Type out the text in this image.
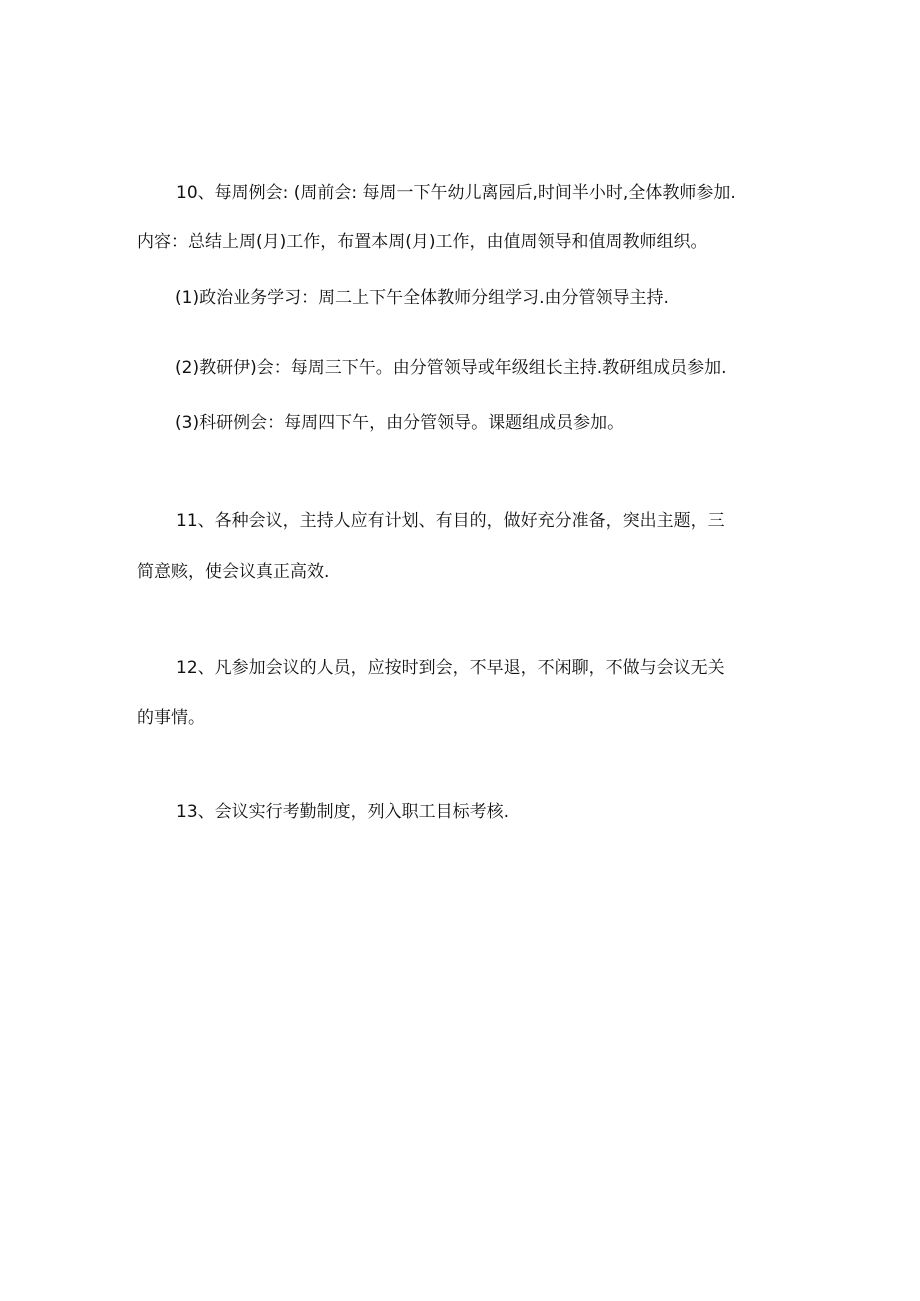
10、每周例会: (周前会: 每周一下午幼儿离园后,时间半小时,全体教师参加.
内容：总结上周(月)工作，布置本周(月)工作，由值周领导和值周教师组织。
(1)政治业务学习：周二上下午全体教师分组学习.由分管领导主持.
(2)教研伊)会：每周三下午。由分管领导或年级组长主持.教研组成员参加.
(3)科研例会：每周四下午，由分管领导。课题组成员参加。
11、各种会议，主持人应有计划、有目的，做好充分准备，突出主题，三
简意赅，使会议真正高效.
12、凡参加会议的人员，应按时到会，不早退，不闲聊，不做与会议无关
的事情。
13、会议实行考勤制度，列入职工目标考核.
